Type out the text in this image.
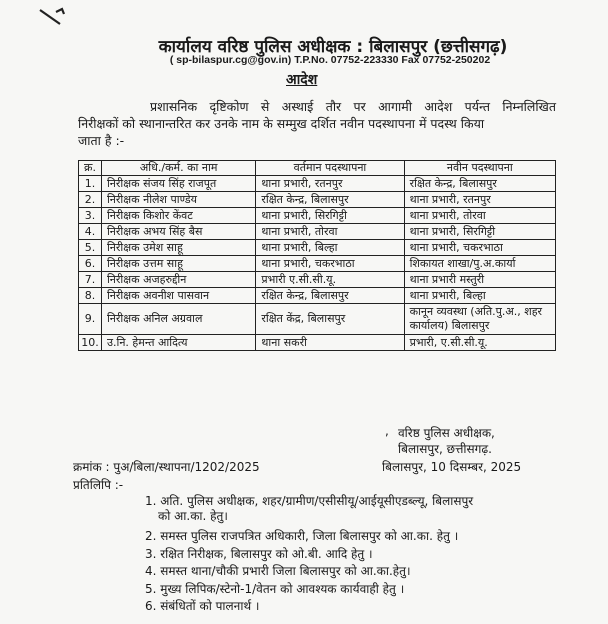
कार्यालय वरिष्ठ पुलिस अधीक्षक : बिलासपुर (छत्तीसगढ़)
( sp-bilaspur.cg@gov.in) T.P.No. 07752-223330 Fax 07752-250202
आदेश
प्रशासनिक दृष्टिकोण से अस्थाई तौर पर आगामी आदेश पर्यन्त निम्नलिखित
निरीक्षकों को स्थानान्तरित कर उनके नाम के सम्मुख दर्शित नवीन पदस्थापना में पदस्थ किया
जाता है :-
क्र.	अधि./कर्म. का नाम	वर्तमान पदस्थापना	नवीन पदस्थापना
1.	निरीक्षक संजय सिंह राजपूत	थाना प्रभारी, रतनपुर	रक्षित केन्द्र, बिलासपुर
2.	निरीक्षक नीलेश पाण्डेय	रक्षित केन्द्र, बिलासपुर	थाना प्रभारी, रतनपुर
3.	निरीक्षक किशोर केंवट	थाना प्रभारी, सिरगिट्टी	थाना प्रभारी, तोरवा
4.	निरीक्षक अभय सिंह बैस	थाना प्रभारी, तोरवा	थाना प्रभारी, सिरगिट्टी
5.	निरीक्षक उमेश साहू	थाना प्रभारी, बिल्हा	थाना प्रभारी, चकरभाठा
6.	निरीक्षक उत्तम साहू	थाना प्रभारी, चकरभाठा	शिकायत शाखा/पु.अ.कार्या
7.	निरीक्षक अजहरुद्दीन	प्रभारी ए.सी.सी.यू.	थाना प्रभारी मस्तुरी
8.	निरीक्षक अवनीश पासवान	रक्षित केन्द्र, बिलासपुर	थाना प्रभारी, बिल्हा
9.	निरीक्षक अनिल अग्रवाल	रक्षित केंद्र, बिलासपुर	कानून व्यवस्था (अति.पु.अ., शहर कार्यालय) बिलासपुर
10.	उ.नि. हेमन्त आदित्य	थाना सकरी	प्रभारी, ए.सी.सी.यू.
, वरिष्ठ पुलिस अधीक्षक,
बिलासपुर, छत्तीसगढ़.
क्रमांक : पुअ/बिला/स्थापना/1202/2025	बिलासपुर, 10 दिसम्बर, 2025
प्रतिलिपि :-
1. अति. पुलिस अधीक्षक, शहर/ग्रामीण/एसीसीयू/आईयूसीएडब्ल्यू, बिलासपुर
को आ.का. हेतु।
2. समस्त पुलिस राजपत्रित अधिकारी, जिला बिलासपुर को आ.का. हेतु ।
3. रक्षित निरीक्षक, बिलासपुर को ओ.बी. आदि हेतु ।
4. समस्त थाना/चौकी प्रभारी जिला बिलासपुर को आ.का.हेतु।
5. मुख्य लिपिक/स्टेनो-1/वेतन को आवश्यक कार्यवाही हेतु ।
6. संबंधितों को पालनार्थ ।
